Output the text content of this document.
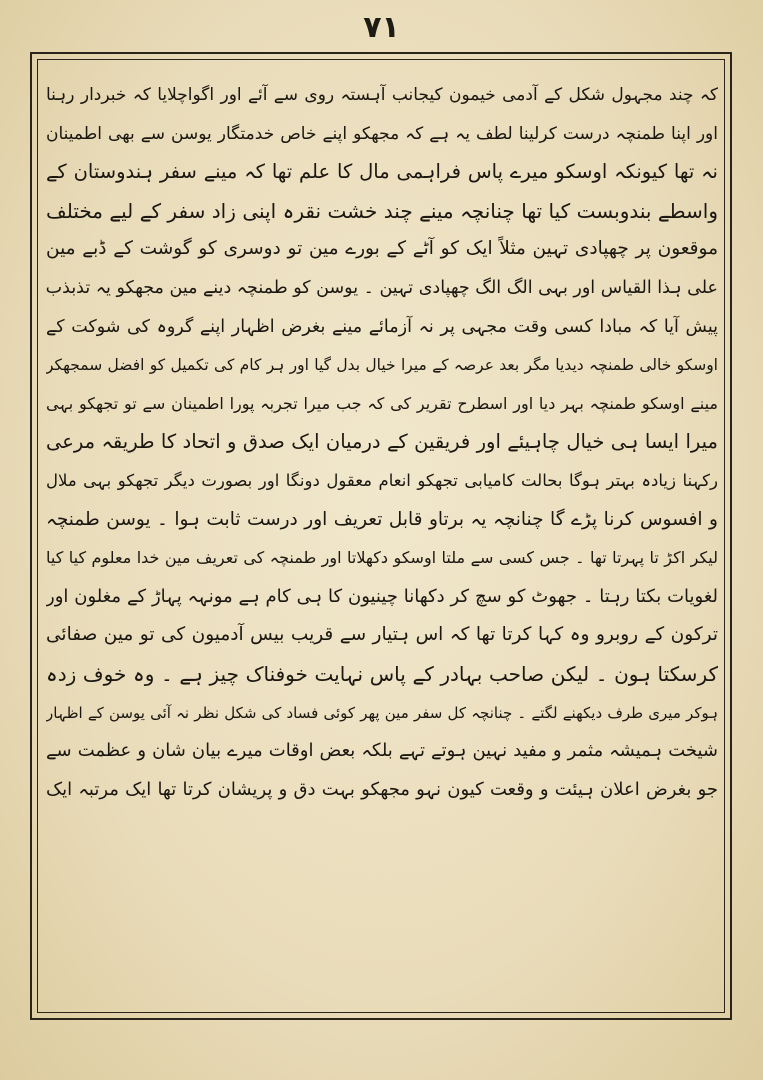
۷۱
کہ چند مجہول شکل کے آدمی خیمون کیجانب آہستہ روی سے آئے اور اگواچلایا کہ خبردار رہنا
اور اپنا طمنچہ درست کرلینا لطف یہ ہے کہ مجھکو اپنے خاص خدمتگار یوسن سے بھی اطمینان
نہ تھا کیونکہ اوسکو میرے پاس فراہمی مال کا علم تھا کہ مینے سفر ہندوستان کے
واسطے بندوبست کیا تھا چنانچہ مینے چند خشت نقرہ اپنی زاد سفر کے لیے مختلف
موقعون پر چھپادی تہین مثلاً ایک کو آٹے کے بورے مین تو دوسری کو گوشت کے ڈبے مین
علی ہذا القیاس اور بہی الگ الگ چھپادی تہین ۔ یوسن کو طمنچہ دینے مین مجھکو یہ تذبذب
پیش آیا کہ مبادا کسی وقت مجہی پر نہ آزمائے مینے بغرض اظہار اپنے گروہ کی شوکت کے
اوسکو خالی طمنچہ دیدیا مگر بعد عرصہ کے میرا خیال بدل گیا اور ہر کام کی تکمیل کو افضل سمجھکر
مینے اوسکو طمنچہ بہر دیا اور اسطرح تقریر کی کہ جب میرا تجربہ پورا اطمینان سے تو تجھکو بہی
میرا ایسا ہی خیال چاہیئے اور فریقین کے درمیان ایک صدق و اتحاد کا طریقہ مرعی
رکہنا زیادہ بہتر ہوگا بحالت کامیابی تجھکو انعام معقول دونگا اور بصورت دیگر تجھکو بہی ملال
و افسوس کرنا پڑے گا چنانچہ یہ برتاو قابل تعریف اور درست ثابت ہوا ۔ یوسن طمنچہ
لیکر اکڑ تا پہرتا تھا ۔ جس کسی سے ملتا اوسکو دکھلاتا اور طمنچہ کی تعریف مین خدا معلوم کیا کیا
لغویات بکتا رہتا ۔ جھوٹ کو سچ کر دکھانا چینیون کا ہی کام ہے مونہہ پہاڑ کے مغلون اور
ترکون کے روبرو وہ کہا کرتا تھا کہ اس ہتیار سے قریب بیس آدمیون کی تو مین صفائی
کرسکتا ہون ۔ لیکن صاحب بہادر کے پاس نہایت خوفناک چیز ہے ۔ وہ خوف زدہ
ہوکر میری طرف دیکھنے لگتے ۔ چنانچہ کل سفر مین پھر کوئی فساد کی شکل نظر نہ آئی یوسن کے اظہار
شیخت ہمیشہ مثمر و مفید نہین ہوتے تہے بلکہ بعض اوقات میرے بیان شان و عظمت سے
جو بغرض اعلان ہیئت و وقعت کیون نہو مجھکو بہت دق و پریشان کرتا تھا ایک مرتبہ ایک
